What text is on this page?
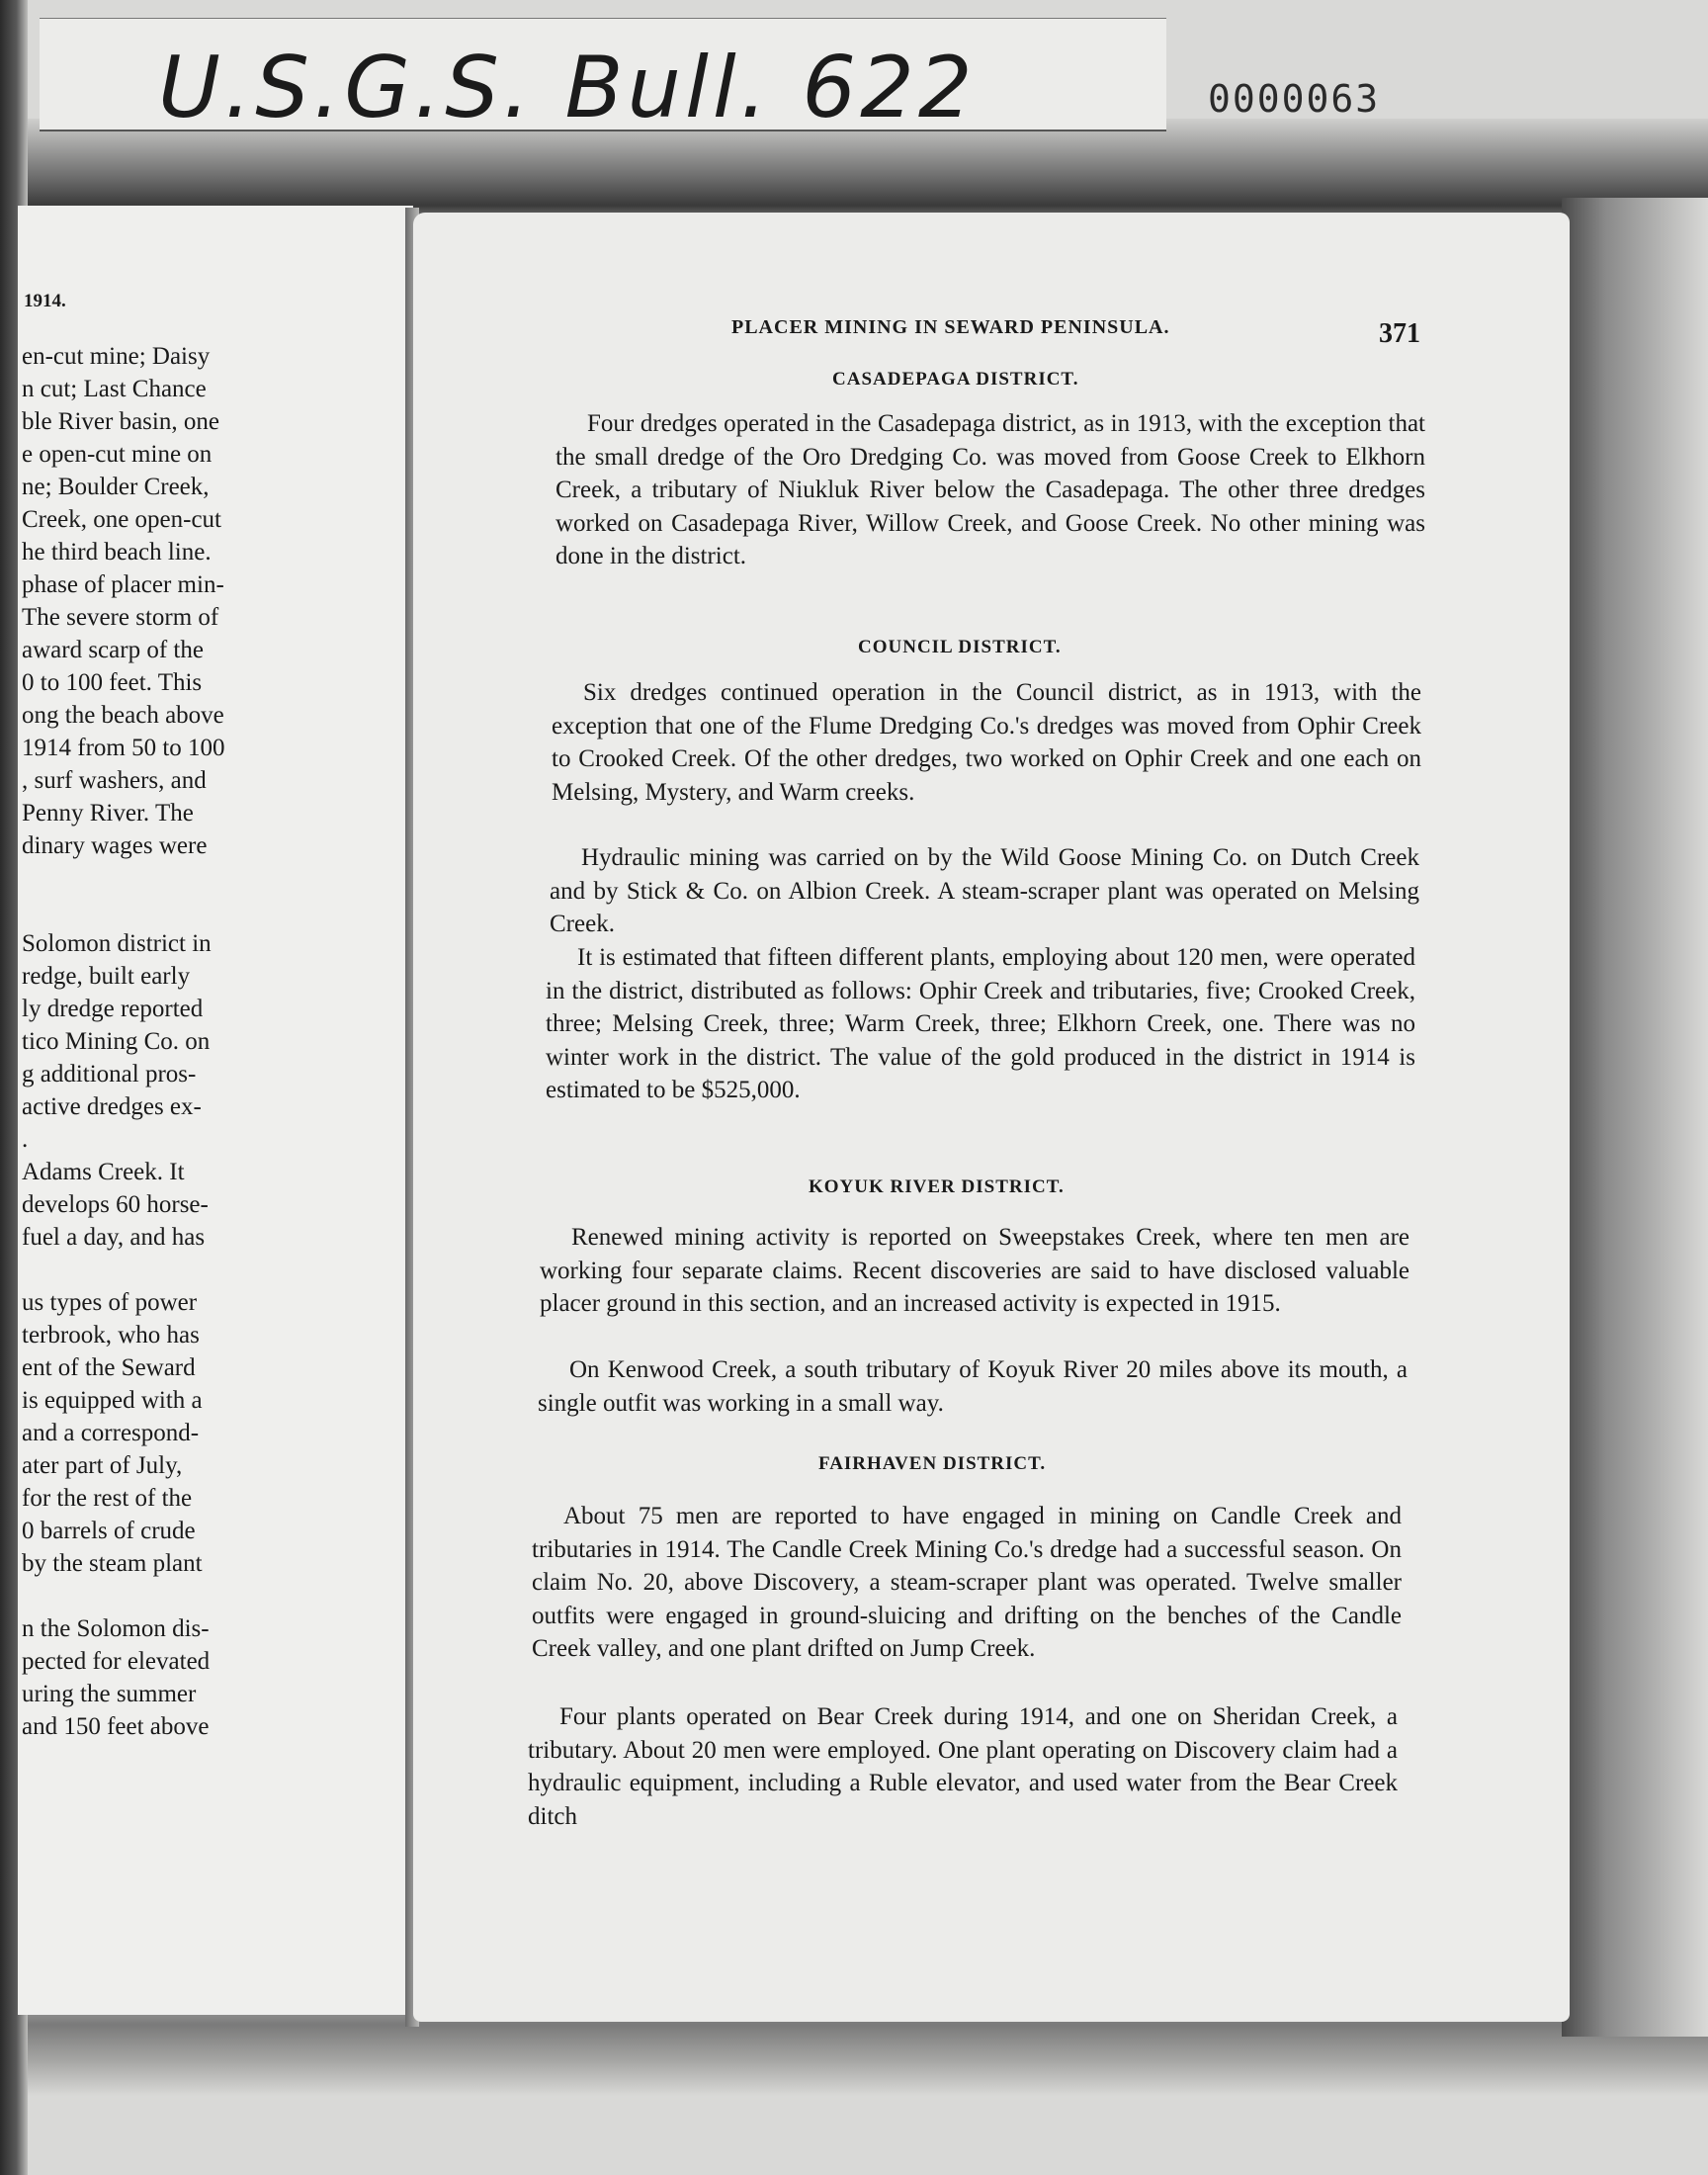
U.S.G.S. Bull. 622	0000063
1914.
en-cut mine; Daisy
n cut; Last Chance
ble River basin, one
e open-cut mine on
ne; Boulder Creek,
Creek, one open-cut
he third beach line.
phase of placer min-
The severe storm of
award scarp of the
0 to 100 feet. This
ong the beach above
1914 from 50 to 100
, surf washers, and
Penny River. The
dinary wages were
Solomon district in
redge, built early
ly dredge reported
tico Mining Co. on
g additional pros-
active dredges ex-
.
Adams Creek. It
develops 60 horse-
fuel a day, and has
us types of power
terbrook, who has
ent of the Seward
is equipped with a
and a correspond-
ater part of July,
for the rest of the
0 barrels of crude
by the steam plant
n the Solomon dis-
pected for elevated
uring the summer
and 150 feet above
PLACER MINING IN SEWARD PENINSULA.	371
CASADEPAGA DISTRICT.

Four dredges operated in the Casadepaga district, as in 1913, with the exception that the small dredge of the Oro Dredging Co. was moved from Goose Creek to Elkhorn Creek, a tributary of Niukluk River below the Casadepaga. The other three dredges worked on Casadepaga River, Willow Creek, and Goose Creek. No other mining was done in the district.

COUNCIL DISTRICT.

Six dredges continued operation in the Council district, as in 1913, with the exception that one of the Flume Dredging Co.'s dredges was moved from Ophir Creek to Crooked Creek. Of the other dredges, two worked on Ophir Creek and one each on Melsing, Mystery, and Warm creeks.

Hydraulic mining was carried on by the Wild Goose Mining Co. on Dutch Creek and by Stick & Co. on Albion Creek. A steam-scraper plant was operated on Melsing Creek.

It is estimated that fifteen different plants, employing about 120 men, were operated in the district, distributed as follows: Ophir Creek and tributaries, five; Crooked Creek, three; Melsing Creek, three; Warm Creek, three; Elkhorn Creek, one. There was no winter work in the district. The value of the gold produced in the district in 1914 is estimated to be $525,000.

KOYUK RIVER DISTRICT.

Renewed mining activity is reported on Sweepstakes Creek, where ten men are working four separate claims. Recent discoveries are said to have disclosed valuable placer ground in this section, and an increased activity is expected in 1915.

On Kenwood Creek, a south tributary of Koyuk River 20 miles above its mouth, a single outfit was working in a small way.

FAIRHAVEN DISTRICT.

About 75 men are reported to have engaged in mining on Candle Creek and tributaries in 1914. The Candle Creek Mining Co.'s dredge had a successful season. On claim No. 20, above Discovery, a steam-scraper plant was operated. Twelve smaller outfits were engaged in ground-sluicing and drifting on the benches of the Candle Creek valley, and one plant drifted on Jump Creek.

Four plants operated on Bear Creek during 1914, and one on Sheridan Creek, a tributary. About 20 men were employed. One plant operating on Discovery claim had a hydraulic equipment, including a Ruble elevator, and used water from the Bear Creek ditch
